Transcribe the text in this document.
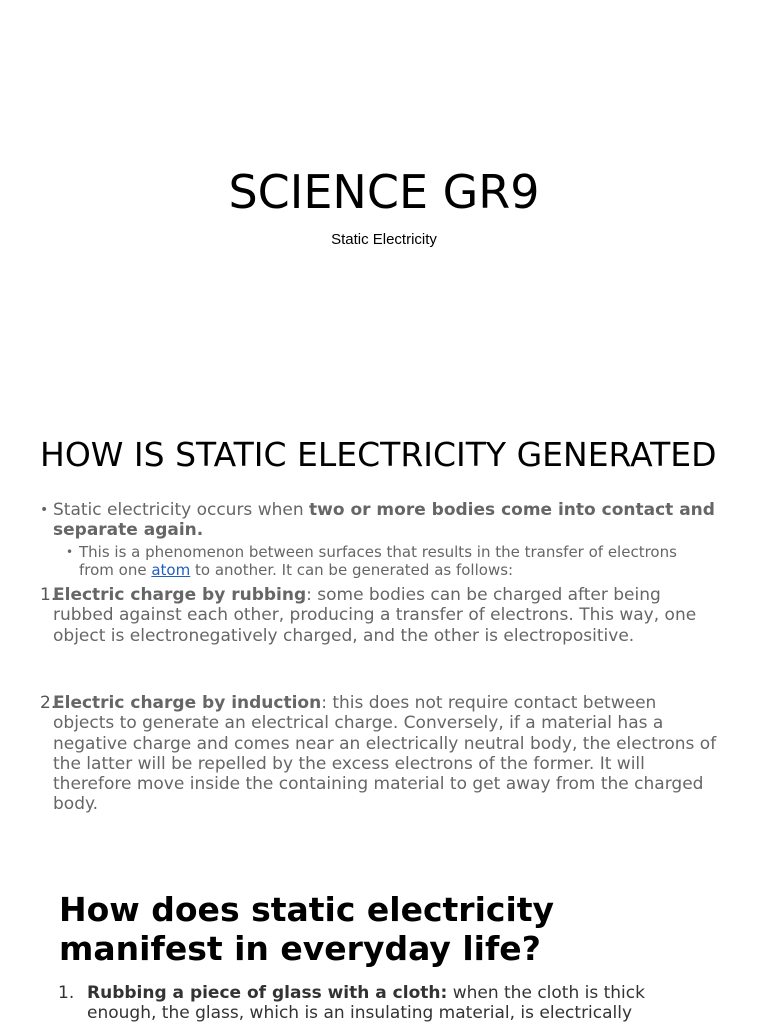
SCIENCE GR9

Static Electricity

HOW IS STATIC ELECTRICITY GENERATED
• Static electricity occurs when two or more bodies come into contact and separate again.
• This is a phenomenon between surfaces that results in the transfer of electrons from one atom to another. It can be generated as follows:
1.
Electric charge by rubbing: some bodies can be charged after being rubbed against each other, producing a transfer of electrons. This way, one object is electronegatively charged, and the other is electropositive.
2.
Electric charge by induction: this does not require contact between objects to generate an electrical charge. Conversely, if a material has a negative charge and comes near an electrically neutral body, the electrons of the latter will be repelled by the excess electrons of the former. It will therefore move inside the containing material to get away from the charged body.
How does static electricity manifest in everyday life?
1. Rubbing a piece of glass with a cloth: when the cloth is thick enough, the glass, which is an insulating material, is electrically
